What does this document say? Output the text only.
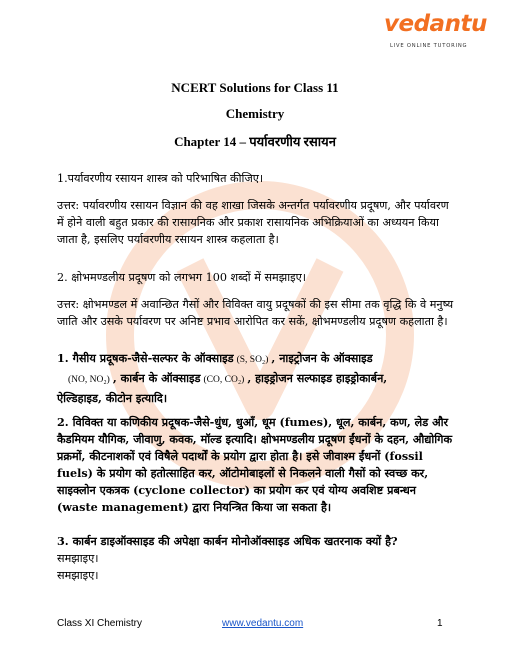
vedantu
LIVE ONLINE TUTORING
NCERT Solutions for Class 11
Chemistry
Chapter 14 – पर्यावरणीय रसायन
1.पर्यावरणीय रसायन शास्त्र को परिभाषित कीजिए।
उत्तर: पर्यावरणीय रसायन विज्ञान की वह शाखा जिसके अन्तर्गत पर्यावरणीय प्रदूषण, और पर्यावरण में होने वाली बहुत प्रकार की रासायनिक और प्रकाश रासायनिक अभिक्रियाओं का अध्ययन किया जाता है, इसलिए पर्यावरणीय रसायन शास्त्र कहलाता है।
2. क्षोभमण्डलीय प्रदूषण को लगभग 100 शब्दों में समझाइए।
उत्तर: क्षोभमण्डल में अवान्छित गैसों और विविक्त वायु प्रदूषकों की इस सीमा तक वृद्धि कि वे मनुष्य जाति और उसके पर्यावरण पर अनिष्ट प्रभाव आरोपित कर सकें, क्षोभमण्डलीय प्रदूषण कहलाता है।
1. गैसीय प्रदूषक-जैसे-सल्फर के ऑक्साइड (S, SO₂) , नाइट्रोजन के ऑक्साइड
(NO, NO₂) , कार्बन के ऑक्साइड (CO, CO₂) , हाइड्रोजन सल्फाइड हाइड्रोकार्बन,
ऐल्डिहाइड, कीटोन इत्यादि।
2. विविक्त या कणिकीय प्रदूषक-जैसे-धुंध, धुआँ, धूम (fumes), धूल, कार्बन, कण, लेड और कैडमियम यौगिक, जीवाणु, कवक, मॉल्ड इत्यादि। क्षोभमण्डलीय प्रदूषण ईंधनों के दहन, औद्योगिक प्रक्रमों, कीटनाशकों एवं विषैले पदार्थों के प्रयोग द्वारा होता है। इसे जीवाश्म ईंधनों (fossil fuels) के प्रयोग को हतोत्साहित कर, ऑटोमोबाइलों से निकलने वाली गैसों को स्वच्छ कर, साइक्लोन एकत्रक (cyclone collector) का प्रयोग कर एवं योग्य अवशिष्ट प्रबन्धन (waste management) द्वारा नियन्त्रित किया जा सकता है।
3. कार्बन डाइऑक्साइड की अपेक्षा कार्बन मोनोऑक्साइड अधिक खतरनाक क्यों है?
समझाइए।
समझाइए।
Class XI Chemistry	www.vedantu.com	1
